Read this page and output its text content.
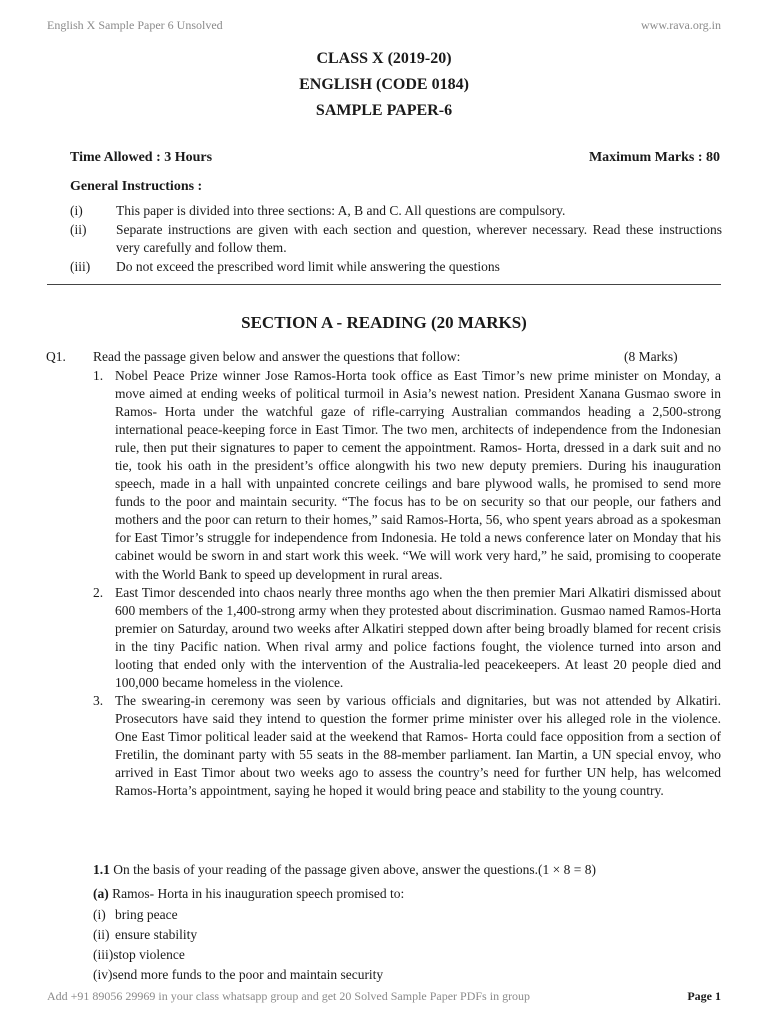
English X Sample Paper 6 Unsolved	www.rava.org.in
CLASS X (2019-20)
ENGLISH (CODE 0184)
SAMPLE PAPER-6
Time Allowed : 3 Hours	Maximum Marks : 80
General Instructions :
(i)	This paper is divided into three sections: A, B and C. All questions are compulsory.
(ii)	Separate instructions are given with each section and question, wherever necessary. Read these instructions very carefully and follow them.
(iii)	Do not exceed the prescribed word limit while answering the questions
SECTION A - READING (20 MARKS)
Q1.	Read the passage given below and answer the questions that follow:	(8 Marks)
1. Nobel Peace Prize winner Jose Ramos-Horta took office as East Timor’s new prime minister on Monday, a move aimed at ending weeks of political turmoil in Asia’s newest nation. President Xanana Gusmao swore in Ramos- Horta under the watchful gaze of rifle-carrying Australian commandos heading a 2,500-strong international peace-keeping force in East Timor. The two men, architects of independence from the Indonesian rule, then put their signatures to paper to cement the appointment. Ramos- Horta, dressed in a dark suit and no tie, took his oath in the president’s office alongwith his two new deputy premiers. During his inauguration speech, made in a hall with unpainted concrete ceilings and bare plywood walls, he promised to send more funds to the poor and maintain security. “The focus has to be on security so that our people, our fathers and mothers and the poor can return to their homes,” said Ramos-Horta, 56, who spent years abroad as a spokesman for East Timor’s struggle for independence from Indonesia. He told a news conference later on Monday that his cabinet would be sworn in and start work this week. “We will work very hard,” he said, promising to cooperate with the World Bank to speed up development in rural areas.
2. East Timor descended into chaos nearly three months ago when the then premier Mari Alkatiri dismissed about 600 members of the 1,400-strong army when they protested about discrimination. Gusmao named Ramos-Horta premier on Saturday, around two weeks after Alkatiri stepped down after being broadly blamed for recent crisis in the tiny Pacific nation. When rival army and police factions fought, the violence turned into arson and looting that ended only with the intervention of the Australia-led peacekeepers. At least 20 people died and 100,000 became homeless in the violence.
3. The swearing-in ceremony was seen by various officials and dignitaries, but was not attended by Alkatiri. Prosecutors have said they intend to question the former prime minister over his alleged role in the violence. One East Timor political leader said at the weekend that Ramos- Horta could face opposition from a section of Fretilin, the dominant party with 55 seats in the 88-member parliament. Ian Martin, a UN special envoy, who arrived in East Timor about two weeks ago to assess the country’s need for further UN help, has welcomed Ramos-Horta’s appointment, saying he hoped it would bring peace and stability to the young country.
1.1 On the basis of your reading of the passage given above, answer the questions.(1 × 8 = 8)
(a) Ramos- Horta in his inauguration speech promised to:
(i) bring peace
(ii) ensure stability
(iii) stop violence
(iv) send more funds to the poor and maintain security
Add +91 89056 29969 in your class whatsapp group and get 20 Solved Sample Paper PDFs in group	Page 1
